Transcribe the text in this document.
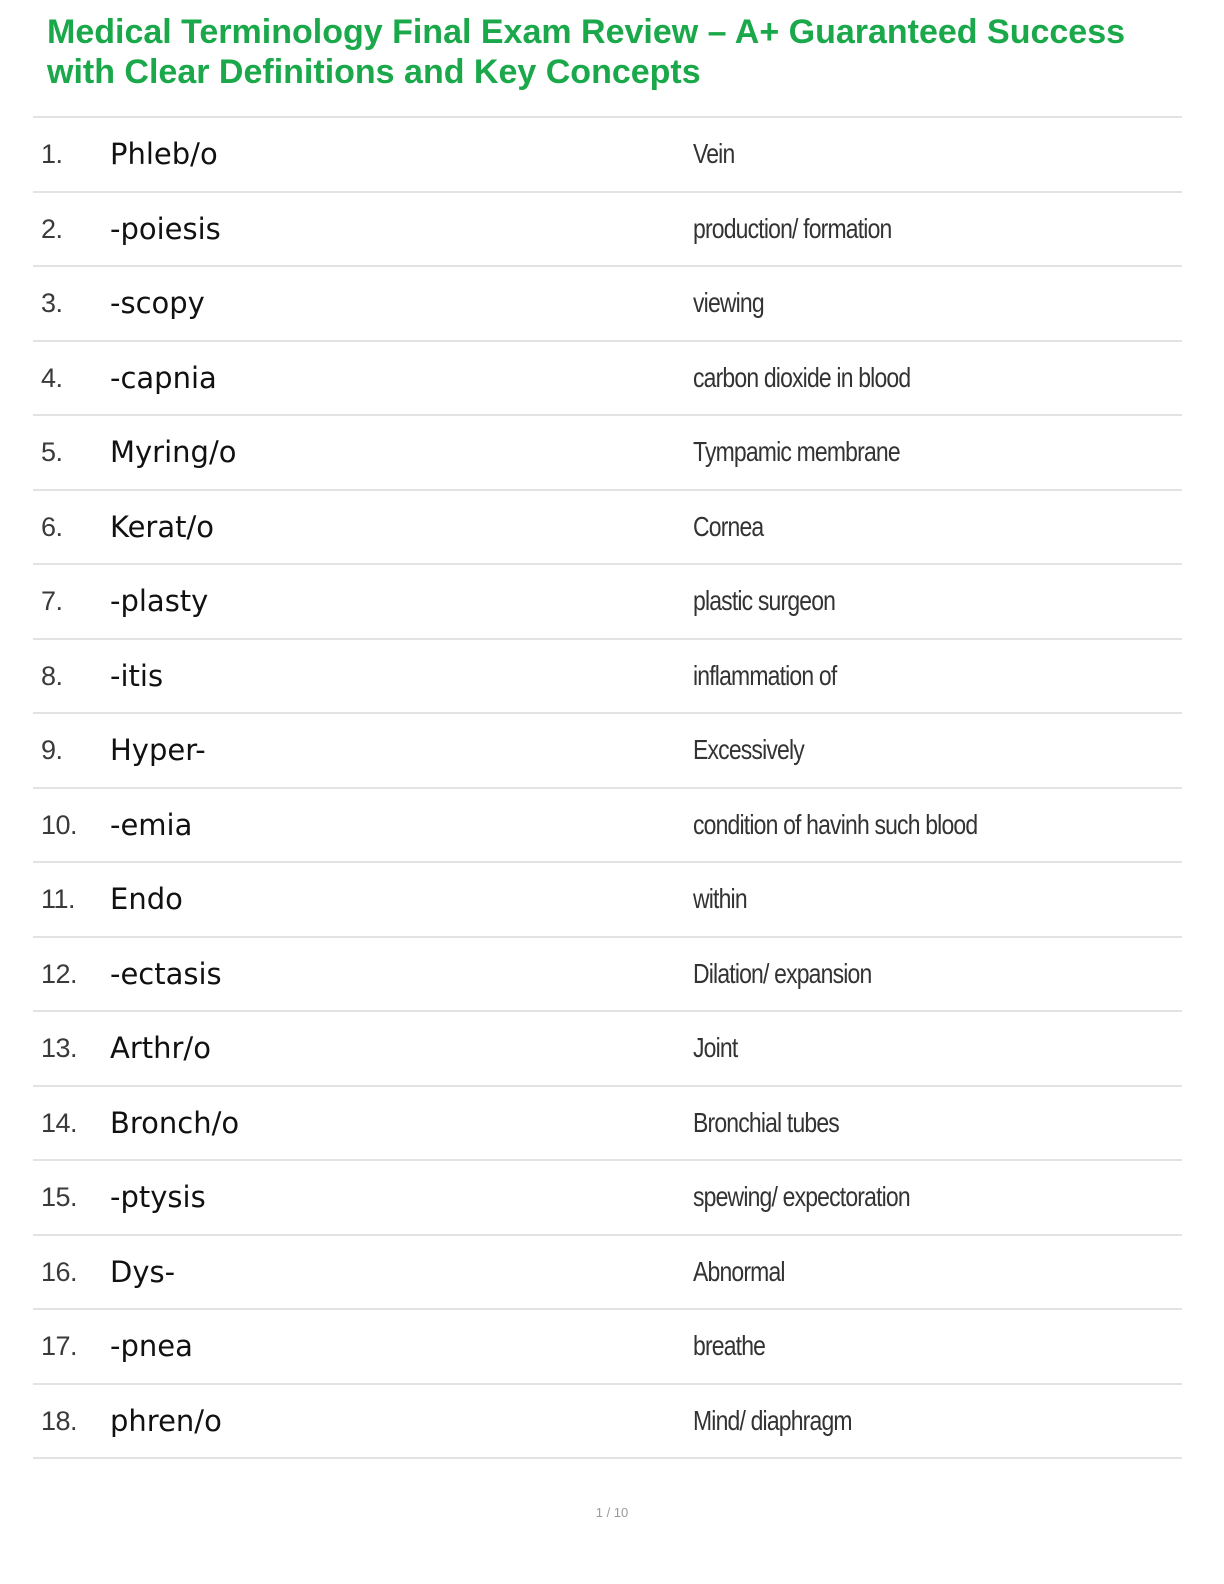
Medical Terminology Final Exam Review – A+ Guaranteed Success with Clear Definitions and Key Concepts
1. Phleb/o	Vein
2. -poiesis	production/ formation
3. -scopy	viewing
4. -capnia	carbon dioxide in blood
5. Myring/o	Tympamic membrane
6. Kerat/o	Cornea
7. -plasty	plastic surgeon
8. -itis	inflammation of
9. Hyper-	Excessively
10. -emia	condition of havinh such blood
11. Endo	within
12. -ectasis	Dilation/ expansion
13. Arthr/o	Joint
14. Bronch/o	Bronchial tubes
15. -ptysis	spewing/ expectoration
16. Dys-	Abnormal
17. -pnea	breathe
18. phren/o	Mind/ diaphragm
1 / 10
